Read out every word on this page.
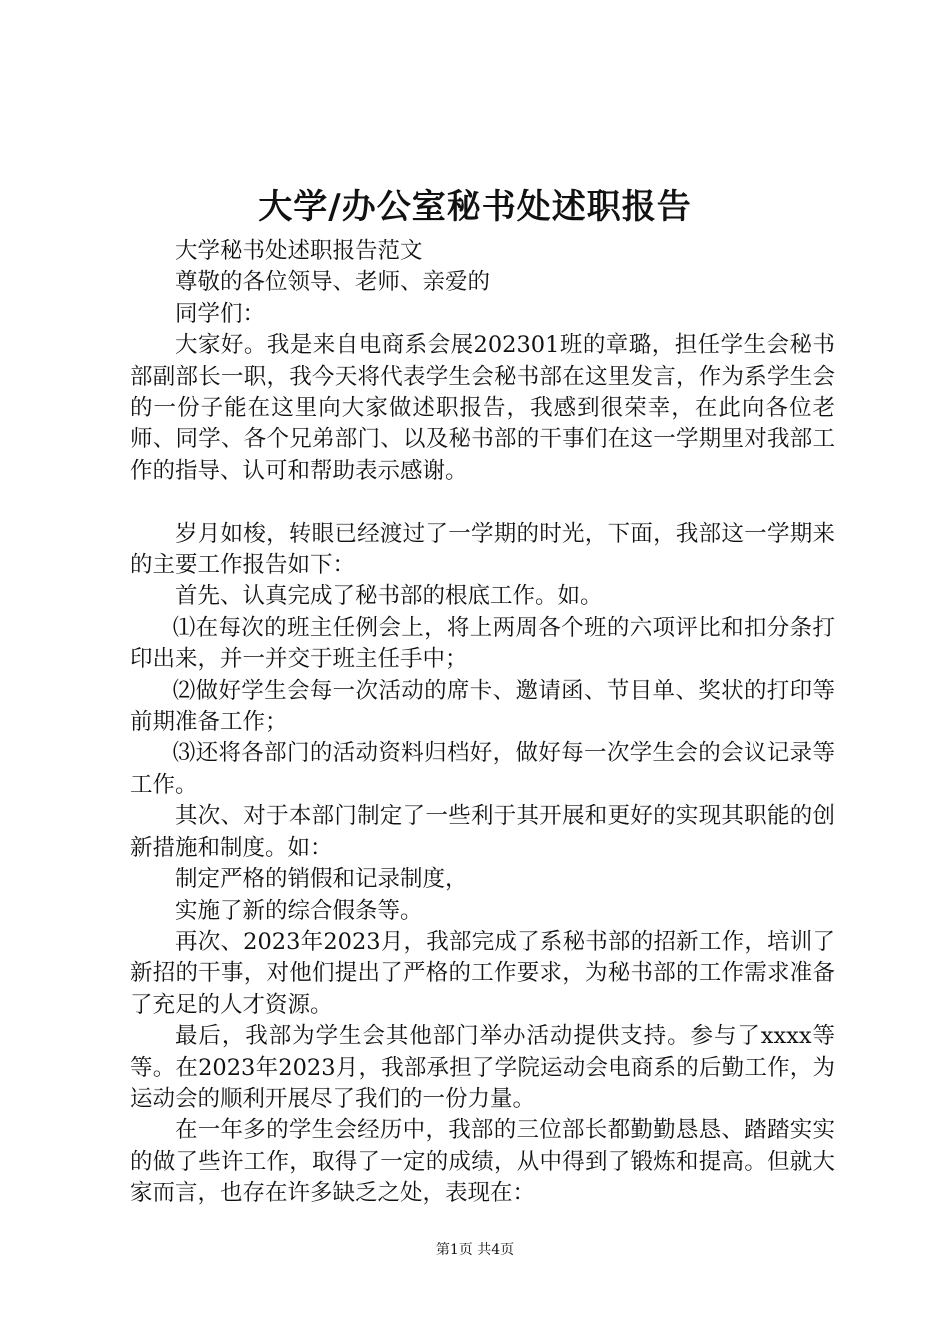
大学/办公室秘书处述职报告

大学秘书处述职报告范文

尊敬的各位领导、老师、亲爱的

同学们：

大家好。我是来自电商系会展202301班的章璐，担任学生会秘书部副部长一职，我今天将代表学生会秘书部在这里发言，作为系学生会的一份子能在这里向大家做述职报告，我感到很荣幸，在此向各位老师、同学、各个兄弟部门、以及秘书部的干事们在这一学期里对我部工作的指导、认可和帮助表示感谢。

岁月如梭，转眼已经渡过了一学期的时光，下面，我部这一学期来的主要工作报告如下：

首先、认真完成了秘书部的根底工作。如。

⑴在每次的班主任例会上，将上两周各个班的六项评比和扣分条打印出来，并一并交于班主任手中；

⑵做好学生会每一次活动的席卡、邀请函、节目单、奖状的打印等前期准备工作；

⑶还将各部门的活动资料归档好，做好每一次学生会的会议记录等工作。

其次、对于本部门制定了一些利于其开展和更好的实现其职能的创新措施和制度。如：

制定严格的销假和记录制度，

实施了新的综合假条等。

再次、2023年2023月，我部完成了系秘书部的招新工作，培训了新招的干事，对他们提出了严格的工作要求，为秘书部的工作需求准备了充足的人才资源。

最后，我部为学生会其他部门举办活动提供支持。参与了xxxx等等。在2023年2023月，我部承担了学院运动会电商系的后勤工作，为运动会的顺利开展尽了我们的一份力量。

在一年多的学生会经历中，我部的三位部长都勤勤恳恳、踏踏实实的做了些许工作，取得了一定的成绩，从中得到了锻炼和提高。但就大家而言，也存在许多缺乏之处，表现在：

第1页 共4页
